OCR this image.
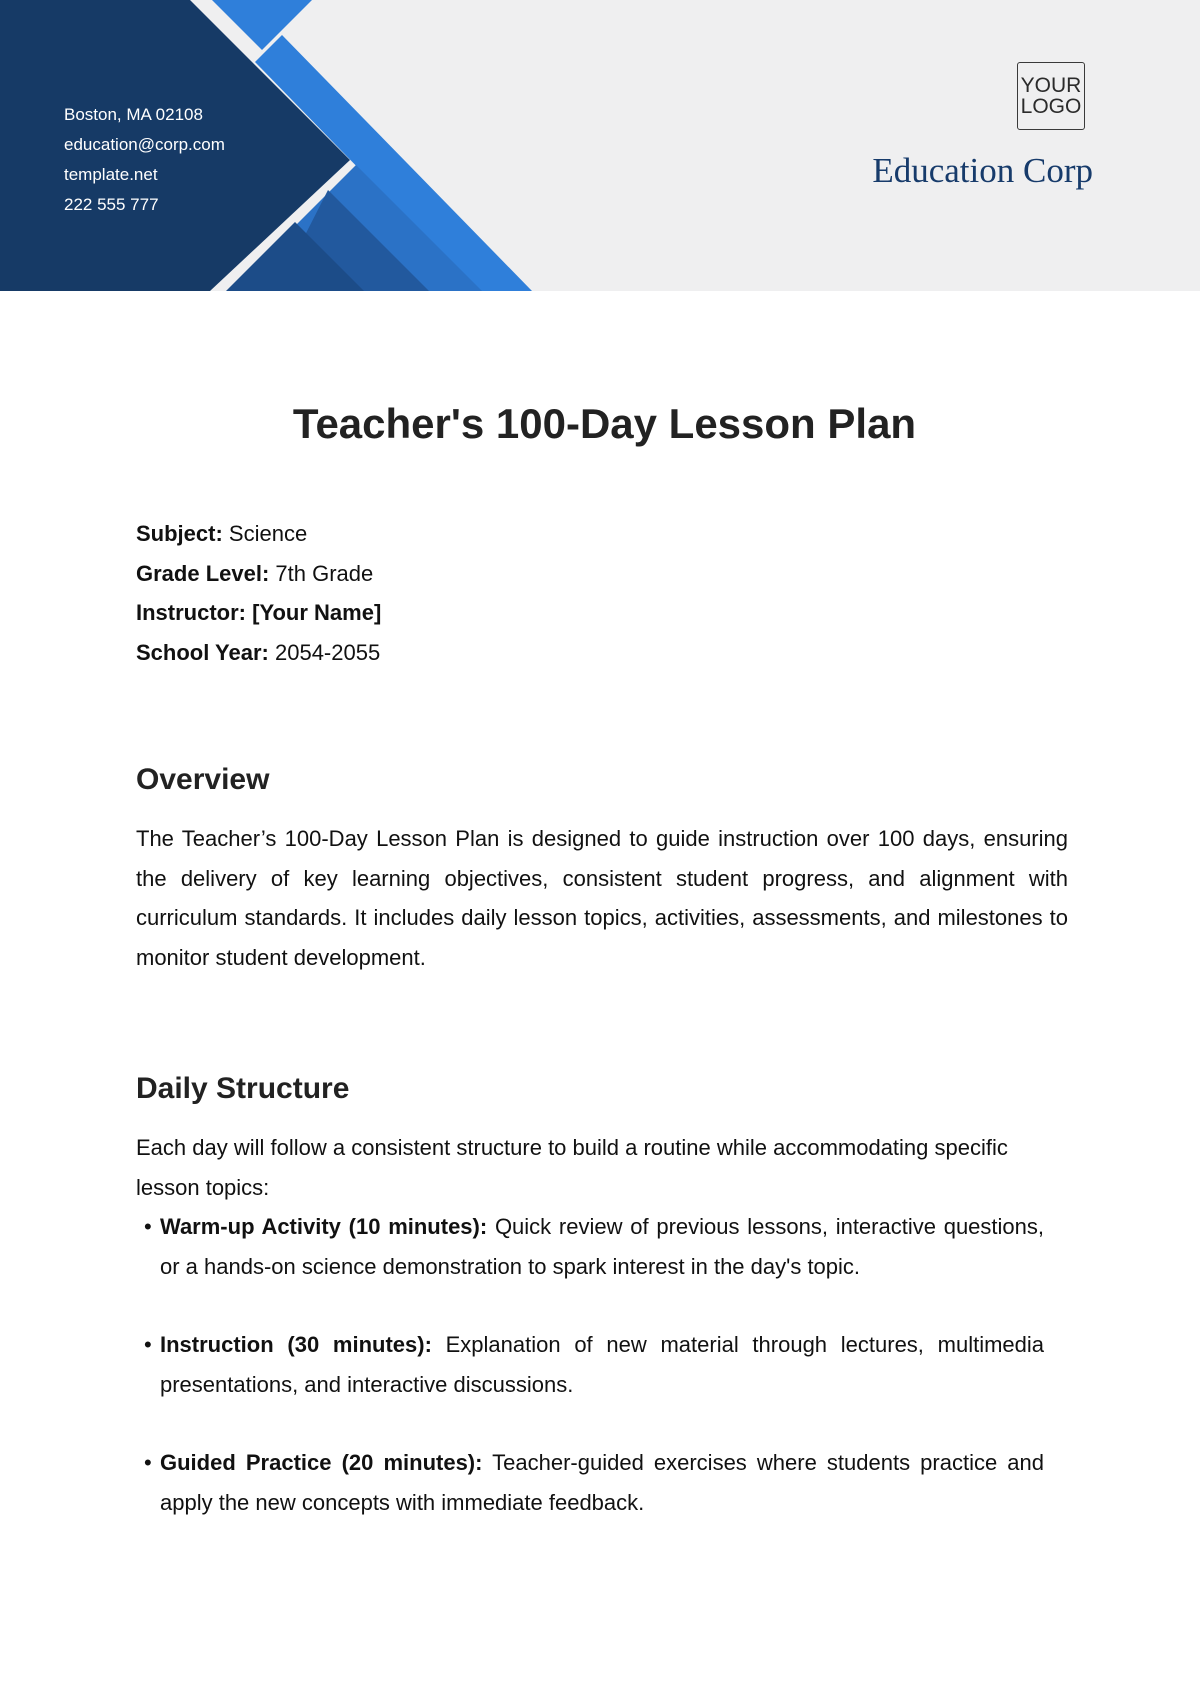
Boston, MA 02108
education@corp.com
template.net
222 555 777
YOUR
LOGO
Education Corp
Teacher's 100-Day Lesson Plan
Subject: Science
Grade Level: 7th Grade
Instructor: [Your Name]
School Year: 2054-2055
Overview

The Teacher’s 100-Day Lesson Plan is designed to guide instruction over 100 days, ensuring the delivery of key learning objectives, consistent student progress, and alignment with curriculum standards. It includes daily lesson topics, activities, assessments, and milestones to monitor student development.

Daily Structure

Each day will follow a consistent structure to build a routine while accommodating specific lesson topics:

• Warm-up Activity (10 minutes): Quick review of previous lessons, interactive questions, or a hands-on science demonstration to spark interest in the day's topic.
• Instruction (30 minutes): Explanation of new material through lectures, multimedia presentations, and interactive discussions.
• Guided Practice (20 minutes): Teacher-guided exercises where students practice and apply the new concepts with immediate feedback.
